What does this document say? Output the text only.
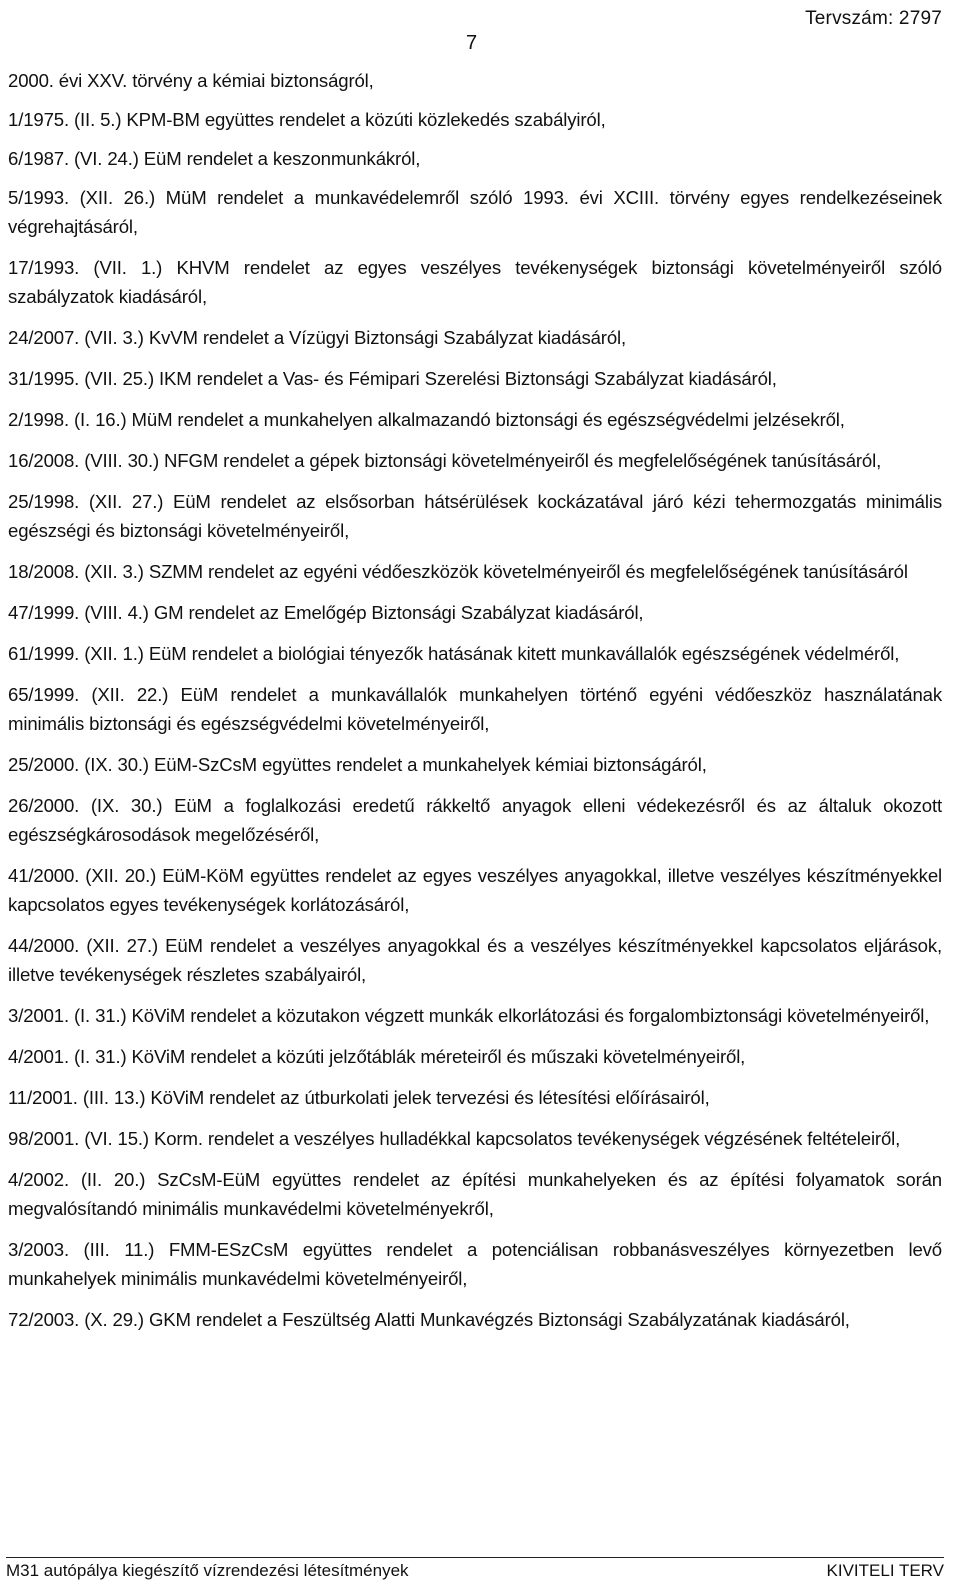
Tervszám: 2797
7

2000. évi XXV. törvény a kémiai biztonságról,

1/1975. (II. 5.) KPM-BM együttes rendelet a közúti közlekedés szabályiról,

6/1987. (VI. 24.) EüM rendelet a keszonmunkákról,

5/1993. (XII. 26.) MüM rendelet a munkavédelemről szóló 1993. évi XCIII. törvény egyes rendelkezéseinek végrehajtásáról,

17/1993. (VII. 1.) KHVM rendelet az egyes veszélyes tevékenységek biztonsági követelményeiről szóló szabályzatok kiadásáról,

24/2007. (VII. 3.) KvVM rendelet a Vízügyi Biztonsági Szabályzat kiadásáról,

31/1995. (VII. 25.) IKM rendelet a Vas- és Fémipari Szerelési Biztonsági Szabályzat kiadásáról,

2/1998. (I. 16.) MüM rendelet a munkahelyen alkalmazandó biztonsági és egészségvédelmi jelzésekről,

16/2008. (VIII. 30.) NFGM rendelet a gépek biztonsági követelményeiről és megfelelőségének tanúsításáról,

25/1998. (XII. 27.) EüM rendelet az elsősorban hátsérülések kockázatával járó kézi tehermozgatás minimális egészségi és biztonsági követelményeiről,

18/2008. (XII. 3.) SZMM rendelet az egyéni védőeszközök követelményeiről és megfelelőségének tanúsításáról

47/1999. (VIII. 4.) GM rendelet az Emelőgép Biztonsági Szabályzat kiadásáról,

61/1999. (XII. 1.) EüM rendelet a biológiai tényezők hatásának kitett munkavállalók egészségének védelméről,

65/1999. (XII. 22.) EüM rendelet a munkavállalók munkahelyen történő egyéni védőeszköz használatának minimális biztonsági és egészségvédelmi követelményeiről,

25/2000. (IX. 30.) EüM-SzCsM együttes rendelet a munkahelyek kémiai biztonságáról,

26/2000. (IX. 30.) EüM a foglalkozási eredetű rákkeltő anyagok elleni védekezésről és az általuk okozott egészségkárosodások megelőzéséről,

41/2000. (XII. 20.) EüM-KöM együttes rendelet az egyes veszélyes anyagokkal, illetve veszélyes készítményekkel kapcsolatos egyes tevékenységek korlátozásáról,

44/2000. (XII. 27.) EüM rendelet a veszélyes anyagokkal és a veszélyes készítményekkel kapcsolatos eljárások, illetve tevékenységek részletes szabályairól,

3/2001. (I. 31.) KöViM rendelet a közutakon végzett munkák elkorlátozási és forgalombiztonsági követelményeiről,

4/2001. (I. 31.) KöViM rendelet a közúti jelzőtáblák méreteiről és műszaki követelményeiről,

11/2001. (III. 13.) KöViM rendelet az útburkolati jelek tervezési és létesítési előírásairól,

98/2001. (VI. 15.) Korm. rendelet a veszélyes hulladékkal kapcsolatos tevékenységek végzésének feltételeiről,

4/2002. (II. 20.) SzCsM-EüM együttes rendelet az építési munkahelyeken és az építési folyamatok során megvalósítandó minimális munkavédelmi követelményekről,

3/2003. (III. 11.) FMM-ESzCsM együttes rendelet a potenciálisan robbanásveszélyes környezetben levő munkahelyek minimális munkavédelmi követelményeiről,

72/2003. (X. 29.) GKM rendelet a Feszültség Alatti Munkavégzés Biztonsági Szabályzatának kiadásáról,

M31 autópálya kiegészítő vízrendezési létesítmények	KIVITELI TERV
